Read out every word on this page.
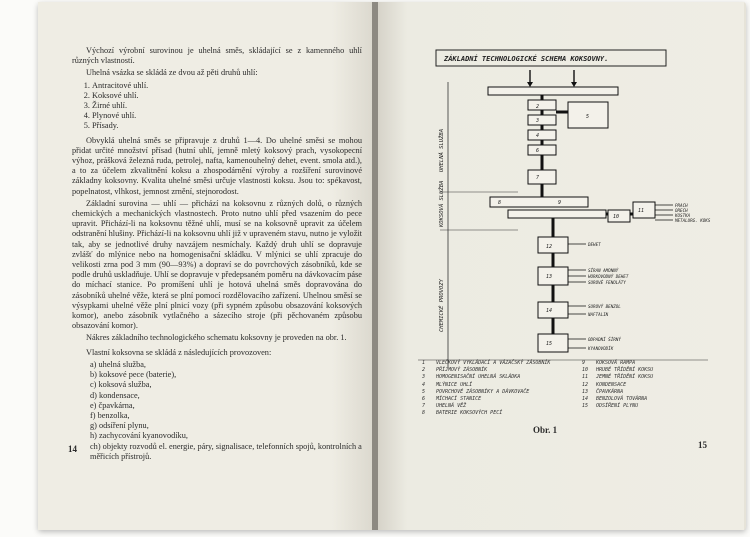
Výchozí výrobní surovinou je uhelná směs, skládající se z kamenného uhlí různých vlastností.

Uhelná vsázka se skládá ze dvou až pěti druhů uhlí:

1. Antracitové uhlí.
2. Koksové uhlí.
3. Žirné uhlí.
4. Plynové uhlí.
5. Přísady.

Obvyklá uhelná směs se připravuje z druhů 1—4. Do uhelné směsi se mohou přidat určité množství přísad (hutní uhlí, jemně mletý koksový prach, vysokopecní výhoz, prášková železná ruda, petrolej, nafta, kamenouhelný dehet, event. smola atd.), a to za účelem zkvalitnění koksu a zhospodárnění výroby a rozšíření surovinové základny koksovny. Kvalita uhelné směsi určuje vlastnosti koksu. Jsou to: spékavost, popelnatost, vlhkost, jemnost zrnění, stejnorodost.

Základní surovina — uhlí — přichází na koksovnu z různých dolů, o různých chemických a mechanických vlastnostech. Proto nutno uhlí před vsazením do pece upravit. Přichází-li na koksovnu těžné uhlí, musí se na koksovně upravit za účelem odstranění hlušiny. Přichází-li na koksovnu uhlí již v upraveném stavu, nutno je vyložit tak, aby se jednotlivé druhy navzájem nesmíchaly. Každý druh uhlí se dopravuje zvlášť do mlýnice nebo na homogenisační skládku. V mlýnici se uhlí zpracuje do velikosti zrna pod 3 mm (90—93%) a dopraví se do povrchových zásobníků, kde se podle druhů uskladňuje. Uhlí se dopravuje v předepsaném poměru na dávkovacím páse do míchací stanice. Po promíšení uhlí je hotová uhelná směs dopravována do zásobníků uhelné věže, která se plní pomocí rozdělovacího zařízení. Uhelnou směsí se výsypkami uhelné věže plní plnicí vozy (při sypném způsobu obsazování koksových komor), anebo zásobník vytlačného a sázecího stroje (při pěchovaném způsobu obsazování komor).

Nákres základního technologického schematu koksovny je proveden na obr. 1.

Vlastní koksovna se skládá z následujících provozoven:

a) uhelná služba,
b) koksové pece (baterie),
c) koksová služba,
d) kondensace,
e) čpavkárna,
f) benzolka,
g) odsíření plynu,
h) zachycování kyanovodíku,
ch) objekty rozvodů el. energie, páry, signalisace, telefonních spojů, kontrolních a měřicích přístrojů.
14
ZÁKLADNÍ TECHNOLOGICKÉ SCHEMA KOKSOVNY.
UHELNÁ SLUŽBA
KOKSOVÁ SLUŽBA
CHEMICKÉ PROVOZY
2
5
3
4
6
7
8	9
10
11
12
13
14
15
PRACH
ORECH
KOSTKA
METALURG. KOKS
DEHET
SÍRAN AMONNÝ
HORKOVODNÝ DEHET
SUROVÉ FENOLÁTY
SUROVÝ BENZOL
NAFTALIN
ODPADNÍ ŠÍRNÝ
KYANOVODÍK
1 VLEČKOVÝ VYKLÁDACÍ A VÁZAČSKÝ ZÁSOBNÍK
2 PŘÍJMOVÝ ZÁSOBNÍK
3 HOMOGENISAČNÍ UHELNÁ SKLÁDKA
4 MLÝNICE UHLÍ
5 POVRCHOVÉ ZÁSOBNÍKY A DÁVKOVAČE
6 MÍCHACÍ STANICE
7 UHELNÁ VĚŽ
8 BATERIE KOKSOVÝCH PECÍ
9 KOKSOVÁ RAMPA
10 HRUBÉ TŘÍDĚNÍ KOKSU
11 JEMNÉ TŘÍDĚNÍ KOKSU
12 KONDENSACE
13 ČPAVKÁRNA
14 BENZOLOVÁ TOVÁRNA
15 ODSÍŘENÍ PLYNU
Obr. 1
15
